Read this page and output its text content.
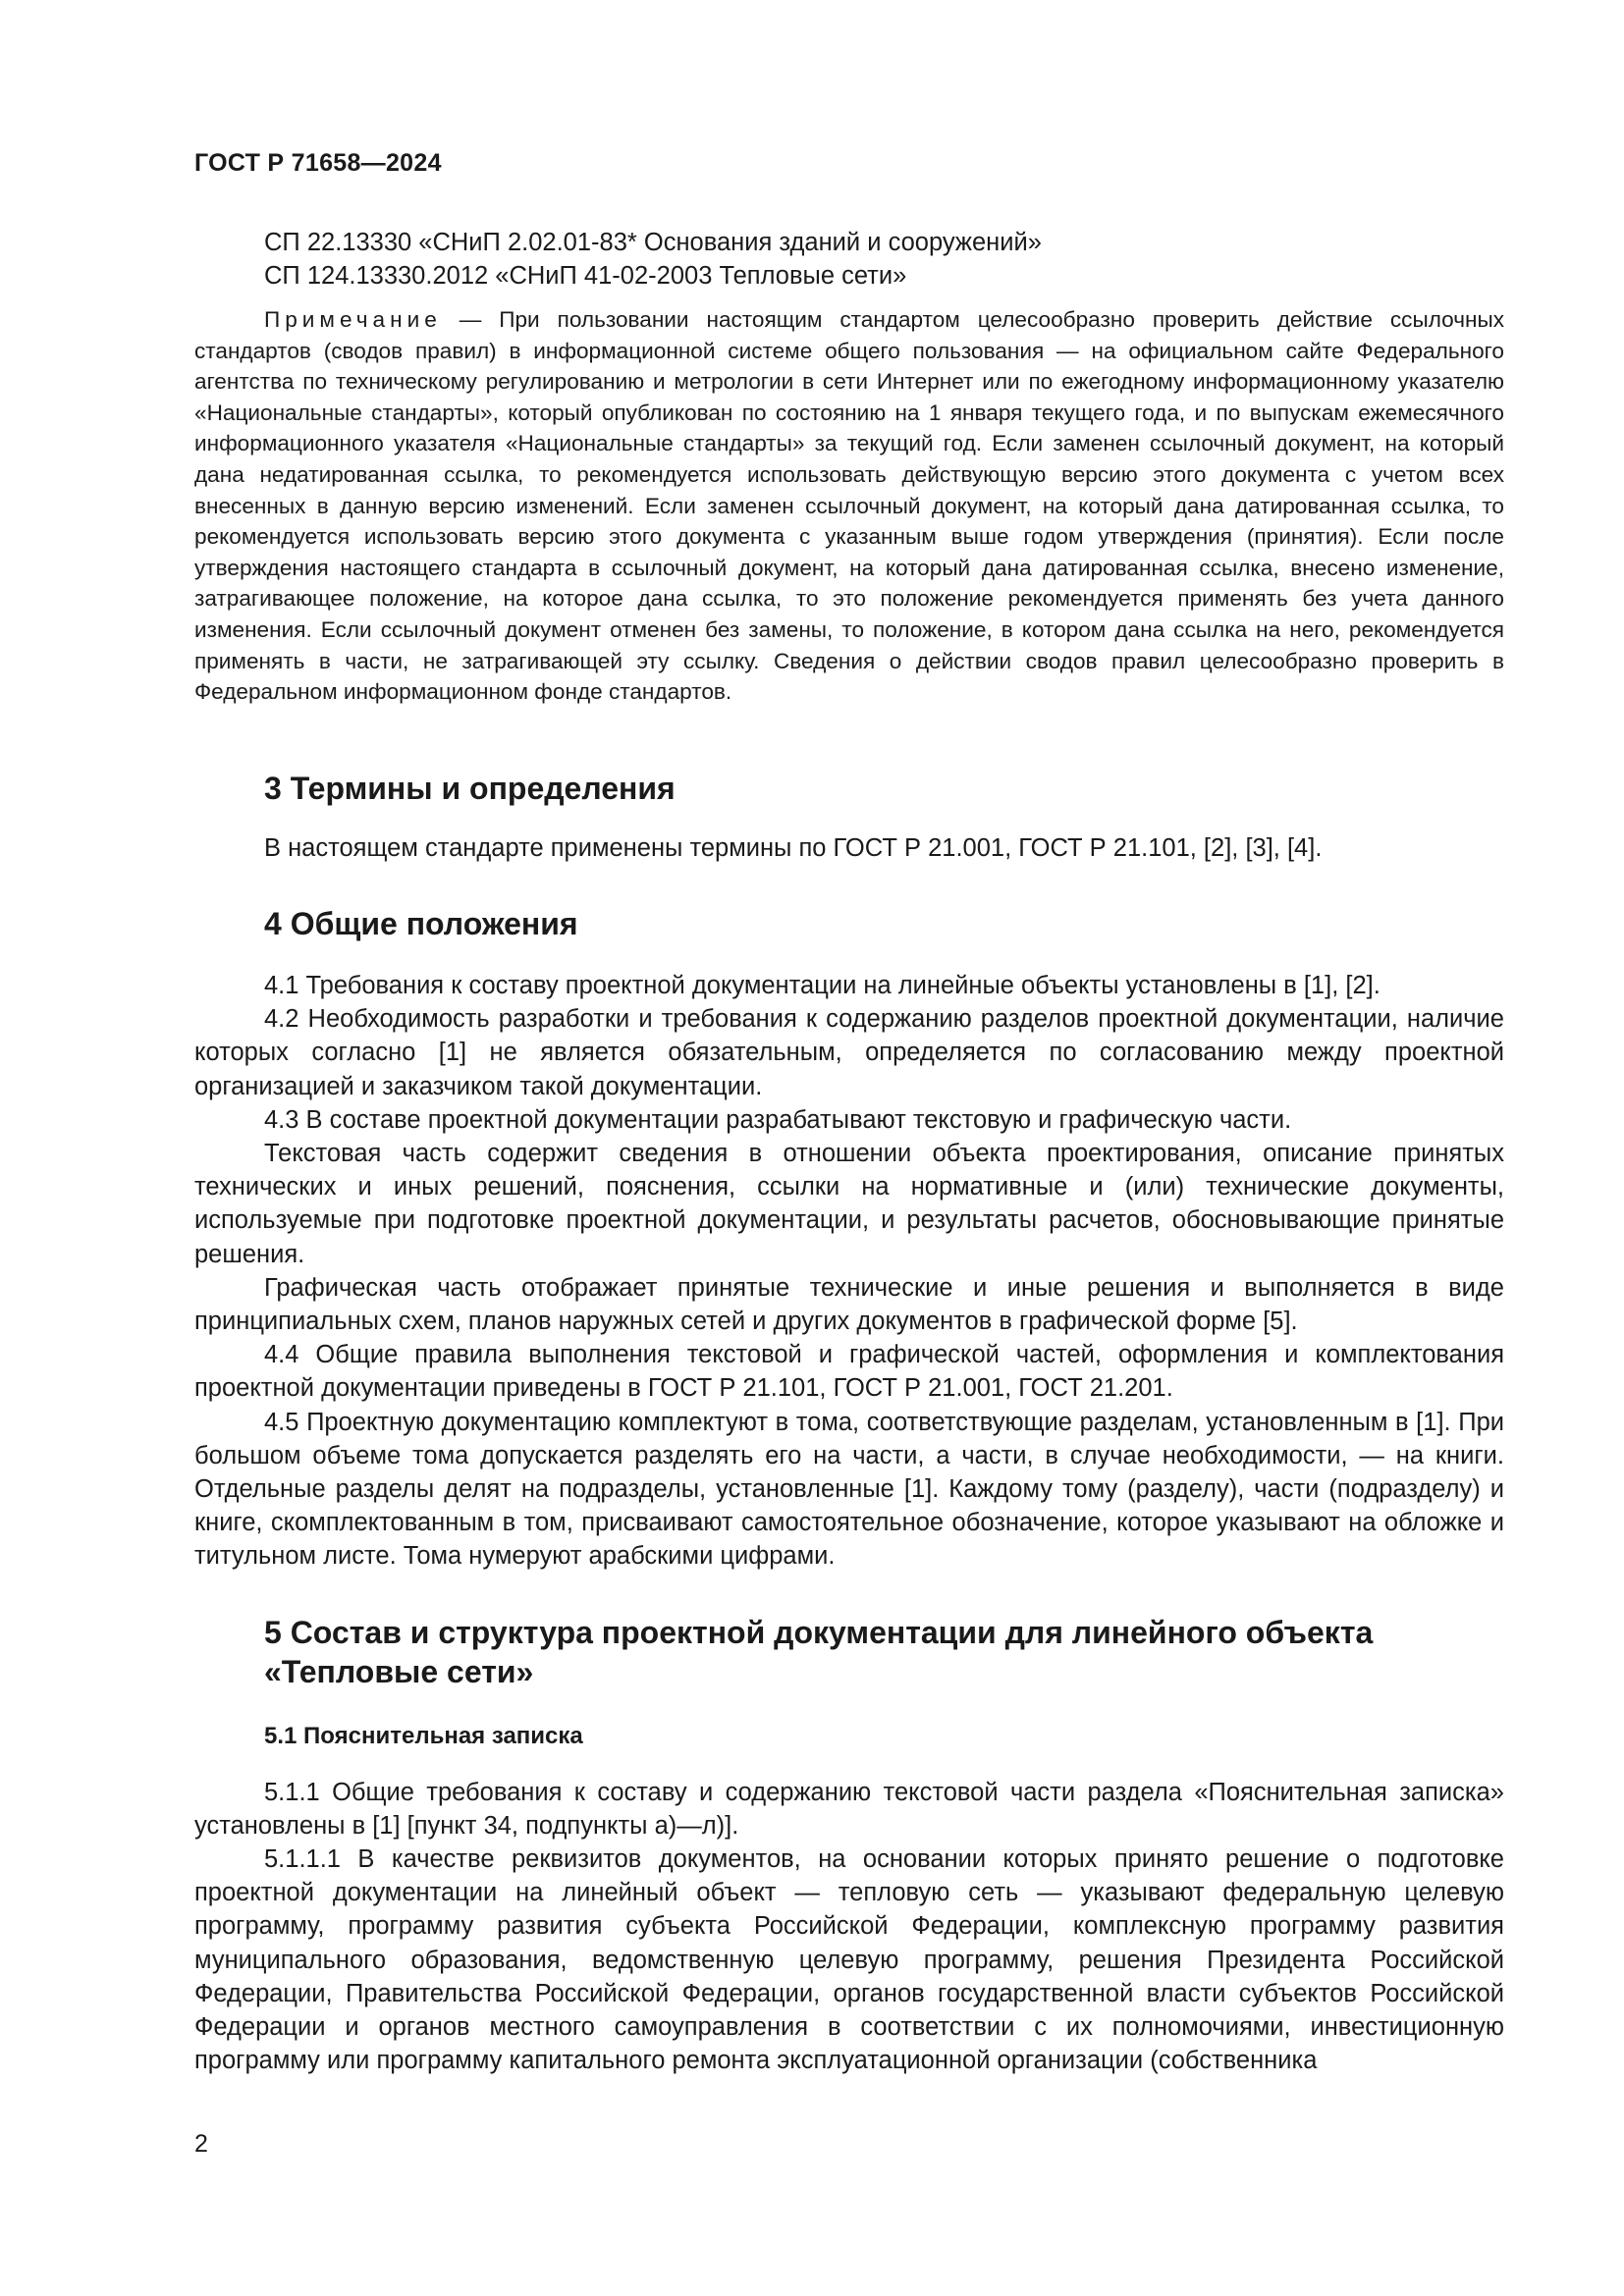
ГОСТ Р 71658—2024

СП 22.13330 «СНиП 2.02.01-83* Основания зданий и сооружений»

СП 124.13330.2012 «СНиП 41-02-2003 Тепловые сети»

Примечание — При пользовании настоящим стандартом целесообразно проверить действие ссылочных стандартов (сводов правил) в информационной системе общего пользования — на официальном сайте Федерального агентства по техническому регулированию и метрологии в сети Интернет или по ежегодному информационному указателю «Национальные стандарты», который опубликован по состоянию на 1 января текущего года, и по выпускам ежемесячного информационного указателя «Национальные стандарты» за текущий год. Если заменен ссылочный документ, на который дана недатированная ссылка, то рекомендуется использовать действующую версию этого документа с учетом всех внесенных в данную версию изменений. Если заменен ссылочный документ, на который дана датированная ссылка, то рекомендуется использовать версию этого документа с указанным выше годом утверждения (принятия). Если после утверждения настоящего стандарта в ссылочный документ, на который дана датированная ссылка, внесено изменение, затрагивающее положение, на которое дана ссылка, то это положение рекомендуется применять без учета данного изменения. Если ссылочный документ отменен без замены, то положение, в котором дана ссылка на него, рекомендуется применять в части, не затрагивающей эту ссылку. Сведения о действии сводов правил целесообразно проверить в Федеральном информационном фонде стандартов.

3 Термины и определения

В настоящем стандарте применены термины по ГОСТ Р 21.001, ГОСТ Р 21.101, [2], [3], [4].

4 Общие положения

4.1 Требования к составу проектной документации на линейные объекты установлены в [1], [2].

4.2 Необходимость разработки и требования к содержанию разделов проектной документации, наличие которых согласно [1] не является обязательным, определяется по согласованию между проектной организацией и заказчиком такой документации.

4.3 В составе проектной документации разрабатывают текстовую и графическую части.

Текстовая часть содержит сведения в отношении объекта проектирования, описание принятых технических и иных решений, пояснения, ссылки на нормативные и (или) технические документы, используемые при подготовке проектной документации, и результаты расчетов, обосновывающие принятые решения.

Графическая часть отображает принятые технические и иные решения и выполняется в виде принципиальных схем, планов наружных сетей и других документов в графической форме [5].

4.4 Общие правила выполнения текстовой и графической частей, оформления и комплектования проектной документации приведены в ГОСТ Р 21.101, ГОСТ Р 21.001, ГОСТ 21.201.

4.5 Проектную документацию комплектуют в тома, соответствующие разделам, установленным в [1]. При большом объеме тома допускается разделять его на части, а части, в случае необходимости, — на книги. Отдельные разделы делят на подразделы, установленные [1]. Каждому тому (разделу), части (подразделу) и книге, скомплектованным в том, присваивают самостоятельное обозначение, которое указывают на обложке и титульном листе. Тома нумеруют арабскими цифрами.

5 Состав и структура проектной документации для линейного объекта «Тепловые сети»
5.1 Пояснительная записка

5.1.1 Общие требования к составу и содержанию текстовой части раздела «Пояснительная записка» установлены в [1] [пункт 34, подпункты а)—л)].

5.1.1.1 В качестве реквизитов документов, на основании которых принято решение о подготовке проектной документации на линейный объект — тепловую сеть — указывают федеральную целевую программу, программу развития субъекта Российской Федерации, комплексную программу развития муниципального образования, ведомственную целевую программу, решения Президента Российской Федерации, Правительства Российской Федерации, органов государственной власти субъектов Российской Федерации и органов местного самоуправления в соответствии с их полномочиями, инвестиционную программу или программу капитального ремонта эксплуатационной организации (собственника

2
